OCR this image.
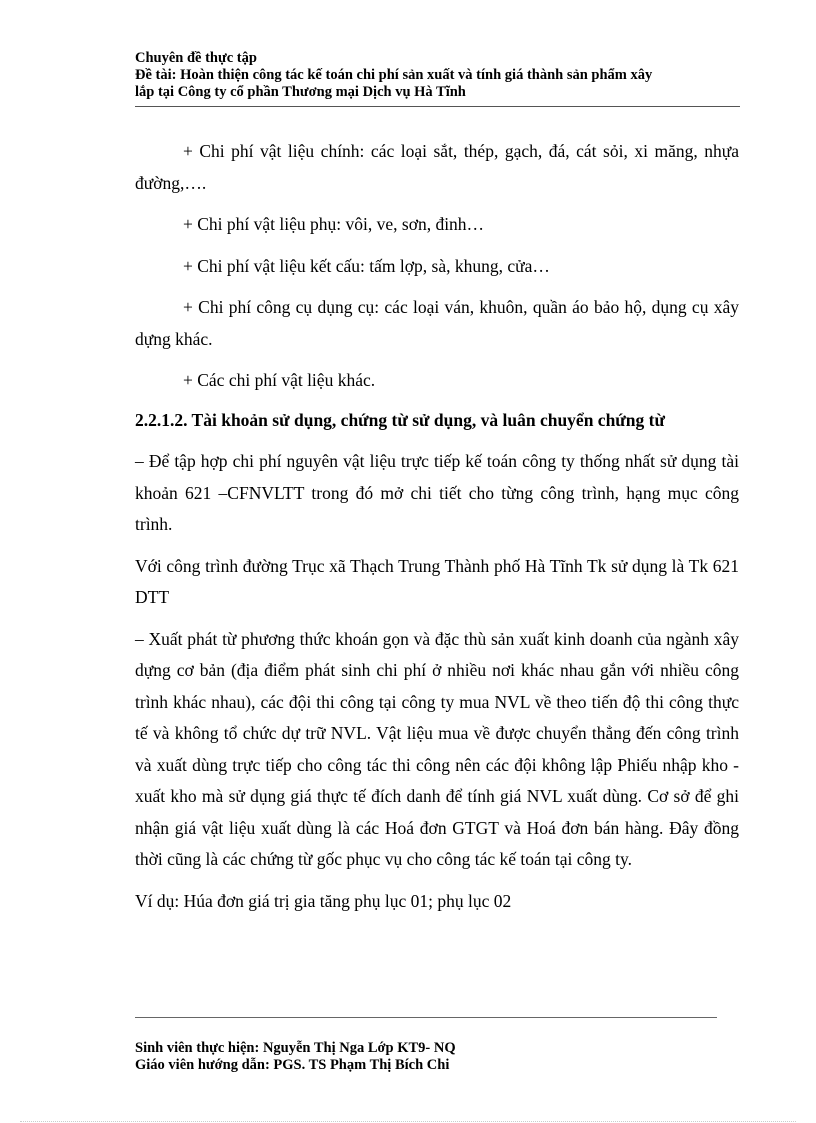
Chuyên đề thực tập
Đề tài: Hoàn thiện công tác kế toán chi phí sản xuất và tính giá thành sản phẩm xây
lắp tại Công ty cổ phần Thương mại Dịch vụ Hà Tĩnh

+ Chi phí vật liệu chính: các loại sắt, thép, gạch, đá, cát sỏi, xi măng, nhựa đường,….

+ Chi phí vật liệu phụ: vôi, ve, sơn, đinh…

+ Chi phí vật liệu kết cấu: tấm lợp, sà, khung, cửa…

+ Chi phí công cụ dụng cụ: các loại ván, khuôn, quần áo bảo hộ, dụng cụ xây dựng khác.

+ Các chi phí vật liệu khác.

2.2.1.2. Tài khoản sử dụng, chứng từ sử dụng, và luân chuyển chứng từ

– Để tập hợp chi phí nguyên vật liệu trực tiếp kế toán công ty thống nhất sử dụng tài khoản 621 –CFNVLTT trong đó mở chi tiết cho từng công trình, hạng mục công trình.

Với công trình đường Trục xã Thạch Trung Thành phố Hà Tĩnh Tk sử dụng là Tk 621 DTT

– Xuất phát từ phương thức khoán gọn và đặc thù sản xuất kinh doanh của ngành xây dựng cơ bản (địa điểm phát sinh chi phí ở nhiều nơi khác nhau gắn với nhiều công trình khác nhau), các đội thi công tại công ty mua NVL về theo tiến độ thi công thực tế và không tổ chức dự trữ NVL. Vật liệu mua về được chuyển thẳng đến công trình và xuất dùng trực tiếp cho công tác thi công nên các đội không lập Phiếu nhập kho - xuất kho mà sử dụng giá thực tế đích danh để tính giá NVL xuất dùng. Cơ sở để ghi nhận giá vật liệu xuất dùng là các Hoá đơn GTGT và Hoá đơn bán hàng. Đây đồng thời cũng là các chứng từ gốc phục vụ cho công tác kế toán tại công ty.

Ví dụ: Húa đơn giá trị gia tăng phụ lục 01; phụ lục 02

Sinh viên thực hiện: Nguyễn Thị Nga Lớp KT9- NQ
Giáo viên hướng dẫn: PGS. TS Phạm Thị Bích Chi
